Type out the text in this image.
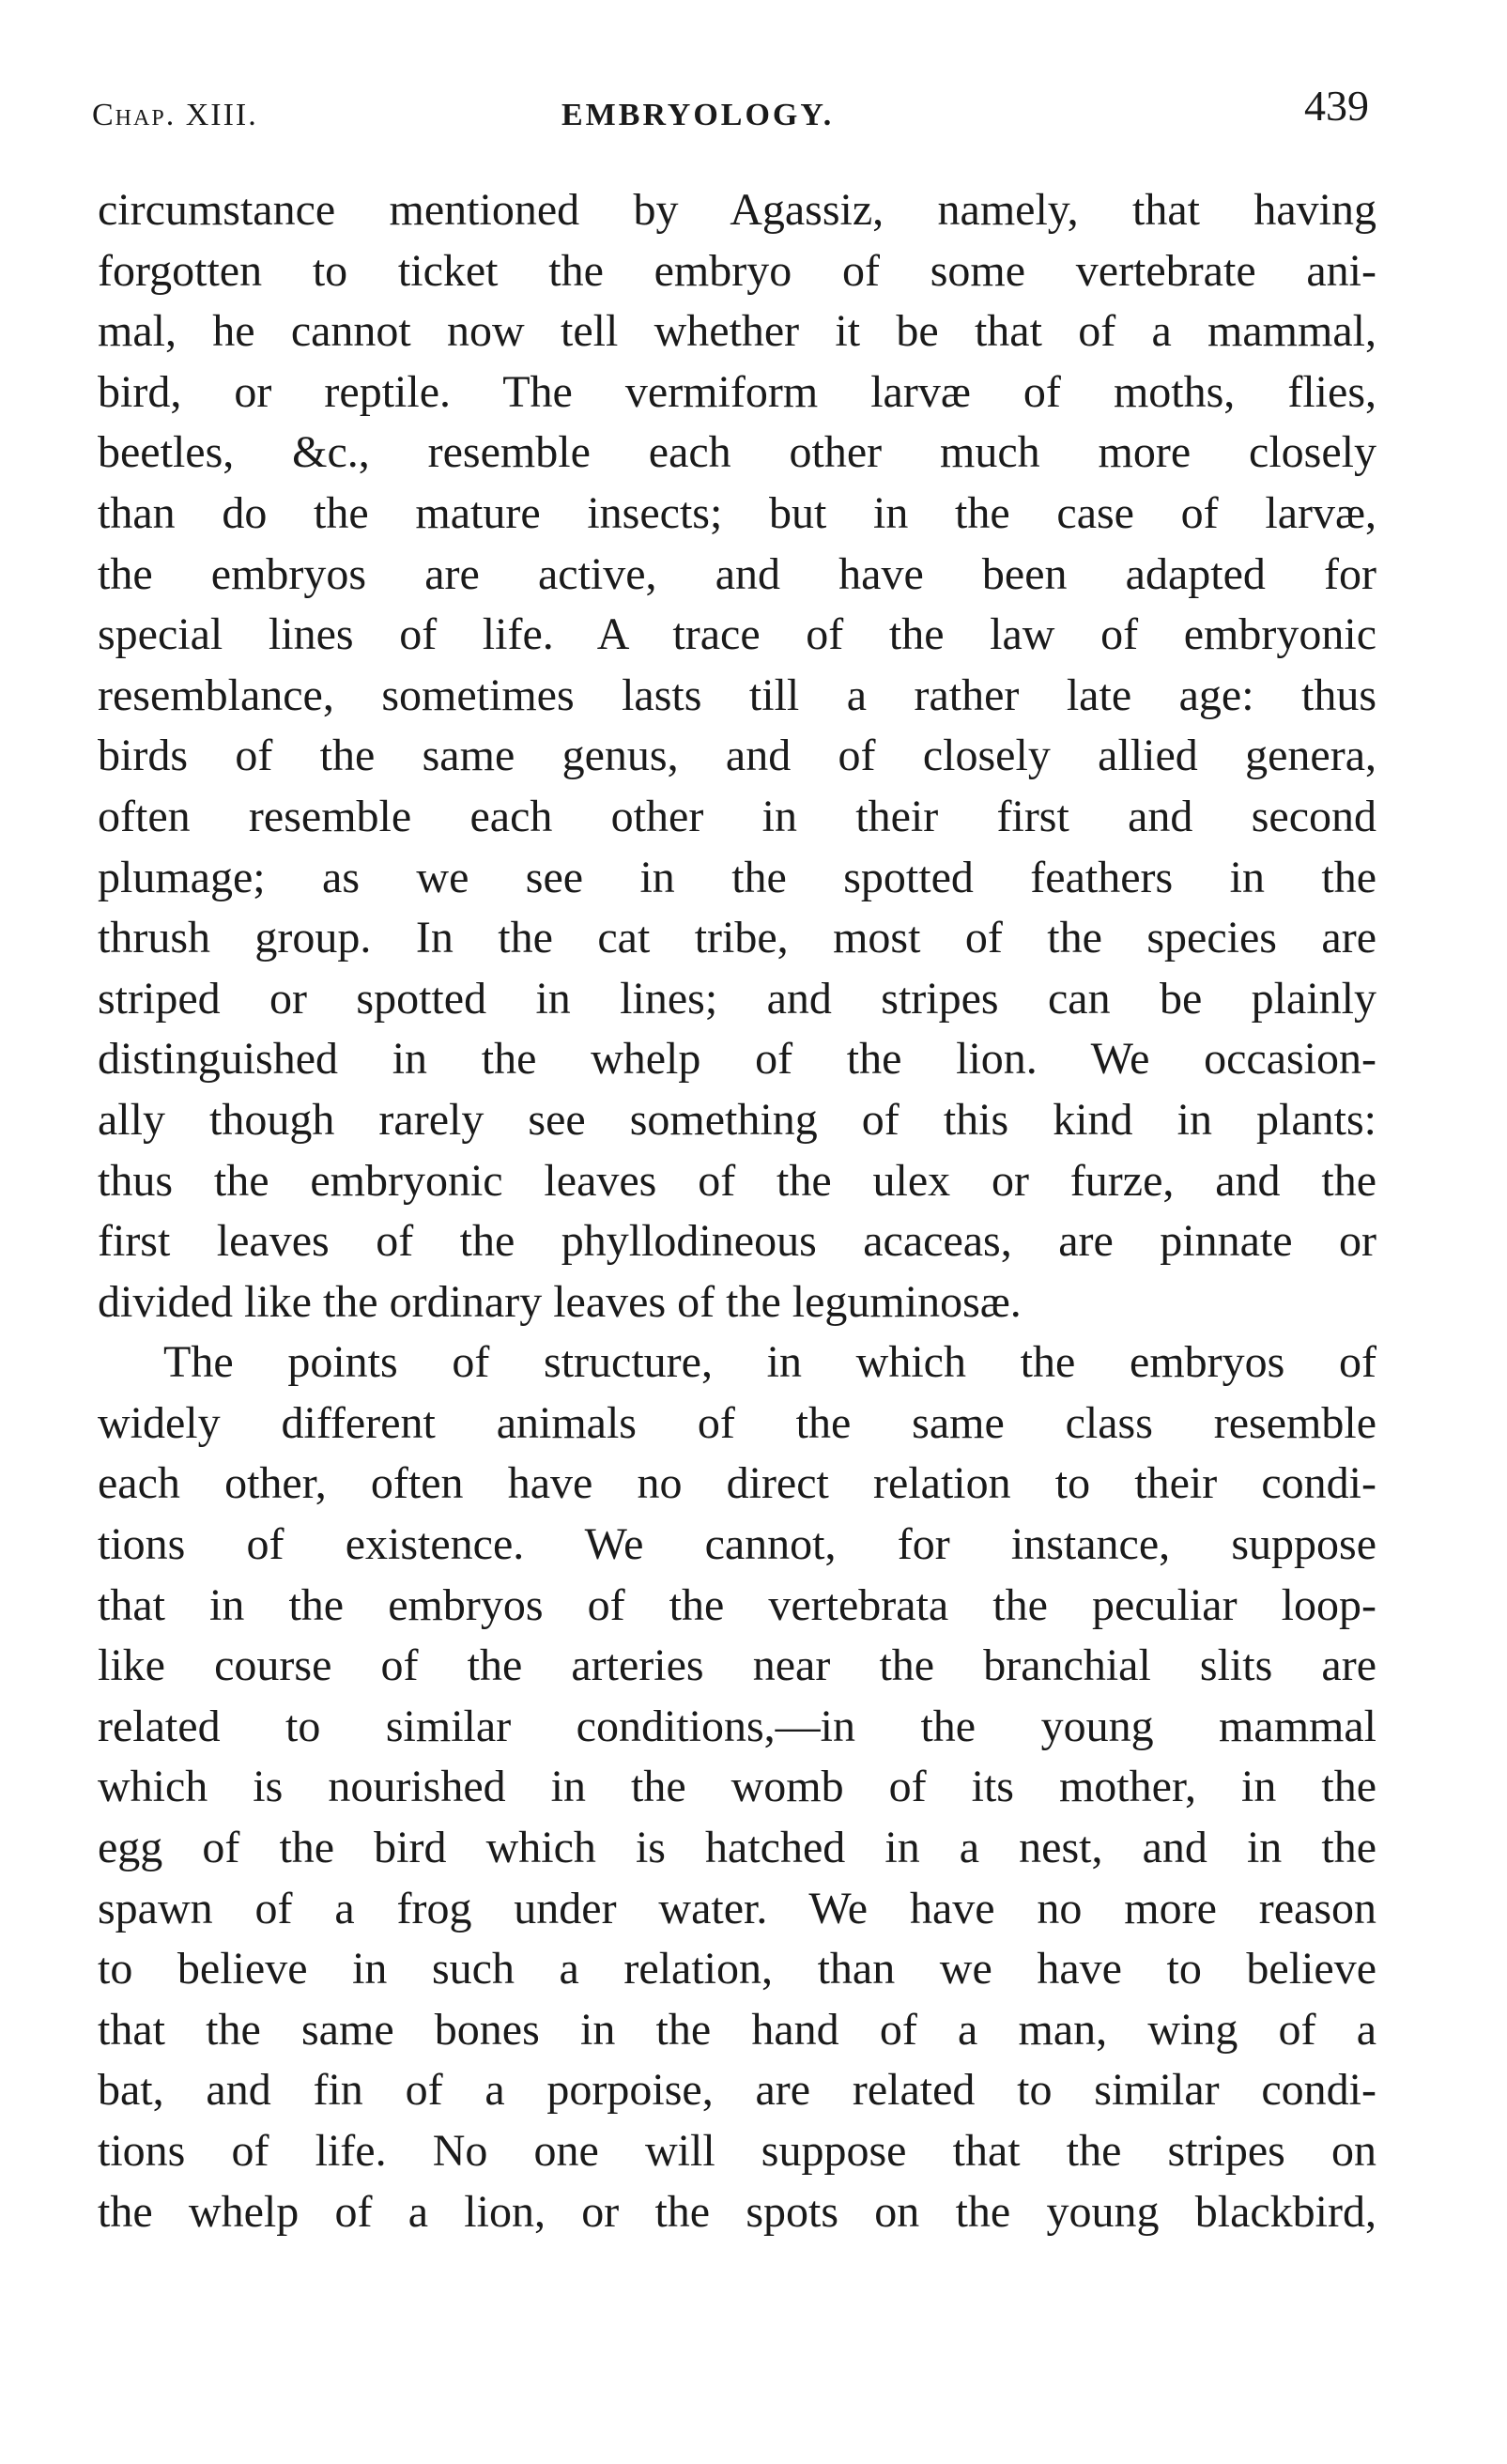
Chap. XIII.	EMBRYOLOGY.	439
circumstance mentioned by Agassiz, namely, that having
forgotten to ticket the embryo of some vertebrate ani-
mal, he cannot now tell whether it be that of a mammal,
bird, or reptile. The vermiform larvæ of moths, flies,
beetles, &c., resemble each other much more closely
than do the mature insects; but in the case of larvæ,
the embryos are active, and have been adapted for
special lines of life. A trace of the law of embryonic
resemblance, sometimes lasts till a rather late age: thus
birds of the same genus, and of closely allied genera,
often resemble each other in their first and second
plumage; as we see in the spotted feathers in the
thrush group. In the cat tribe, most of the species are
striped or spotted in lines; and stripes can be plainly
distinguished in the whelp of the lion. We occasion-
ally though rarely see something of this kind in plants:
thus the embryonic leaves of the ulex or furze, and the
first leaves of the phyllodineous acaceas, are pinnate or
divided like the ordinary leaves of the leguminosæ.
The points of structure, in which the embryos of
widely different animals of the same class resemble
each other, often have no direct relation to their condi-
tions of existence. We cannot, for instance, suppose
that in the embryos of the vertebrata the peculiar loop-
like course of the arteries near the branchial slits are
related to similar conditions,—in the young mammal
which is nourished in the womb of its mother, in the
egg of the bird which is hatched in a nest, and in the
spawn of a frog under water. We have no more reason
to believe in such a relation, than we have to believe
that the same bones in the hand of a man, wing of a
bat, and fin of a porpoise, are related to similar condi-
tions of life. No one will suppose that the stripes on
the whelp of a lion, or the spots on the young blackbird,
